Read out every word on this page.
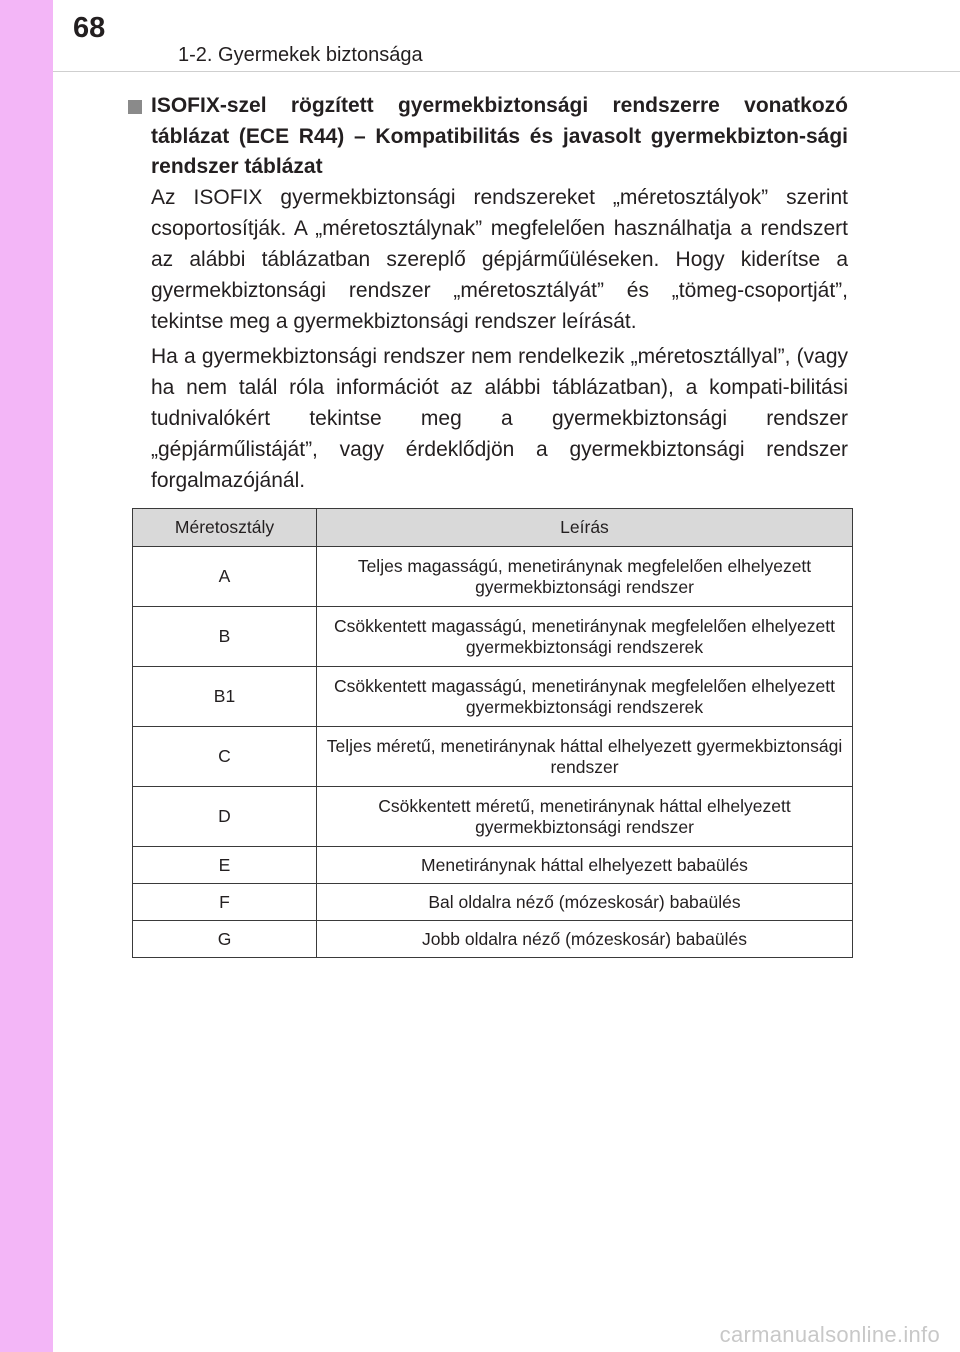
68
1-2. Gyermekek biztonsága
ISOFIX-szel rögzített gyermekbiztonsági rendszerre vonatkozó táblázat (ECE R44) – Kompatibilitás és javasolt gyermekbizton-sági rendszer táblázat

Az ISOFIX gyermekbiztonsági rendszereket „méretosztályok” szerint csoportosítják. A „méretosztálynak” megfelelően használhatja a rendszert az alábbi táblázatban szereplő gépjárműüléseken. Hogy kiderítse a gyermekbiztonsági rendszer „méretosztályát” és „tömeg-csoportját”, tekintse meg a gyermekbiztonsági rendszer leírását.

Ha a gyermekbiztonsági rendszer nem rendelkezik „méretosztállyal”, (vagy ha nem talál róla információt az alábbi táblázatban), a kompati-bilitási tudnivalókért tekintse meg a gyermekbiztonsági rendszer „gépjárműlistáját”, vagy érdeklődjön a gyermekbiztonsági rendszer forgalmazójánál.

Méretosztály	Leírás
A	Teljes magasságú, menetiránynak megfelelően elhelyezett gyermekbiztonsági rendszer
B	Csökkentett magasságú, menetiránynak megfelelően elhelyezett gyermekbiztonsági rendszerek
B1	Csökkentett magasságú, menetiránynak megfelelően elhelyezett gyermekbiztonsági rendszerek
C	Teljes méretű, menetiránynak háttal elhelyezett gyermekbiztonsági rendszer
D	Csökkentett méretű, menetiránynak háttal elhelyezett gyermekbiztonsági rendszer
E	Menetiránynak háttal elhelyezett babaülés
F	Bal oldalra néző (mózeskosár) babaülés
G	Jobb oldalra néző (mózeskosár) babaülés
carmanualsonline.info
